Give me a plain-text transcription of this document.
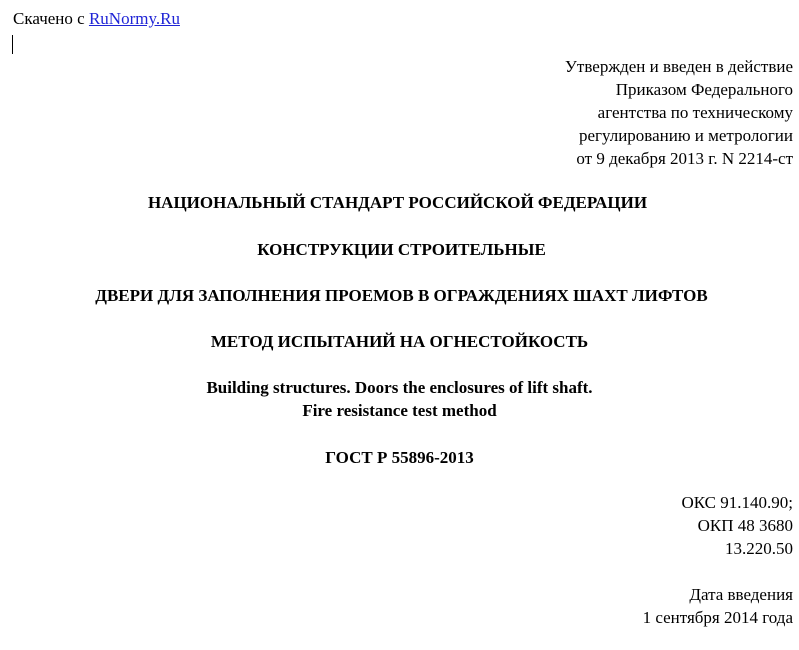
Скачено с RuNormy.Ru
Утвержден и введен в действие
Приказом Федерального
агентства по техническому
регулированию и метрологии
от 9 декабря 2013 г. N 2214-ст
НАЦИОНАЛЬНЫЙ СТАНДАРТ РОССИЙСКОЙ ФЕДЕРАЦИИ
КОНСТРУКЦИИ СТРОИТЕЛЬНЫЕ
ДВЕРИ ДЛЯ ЗАПОЛНЕНИЯ ПРОЕМОВ В ОГРАЖДЕНИЯХ ШАХТ ЛИФТОВ
МЕТОД ИСПЫТАНИЙ НА ОГНЕСТОЙКОСТЬ
Building structures. Doors the enclosures of lift shaft.
Fire resistance test method
ГОСТ Р 55896-2013
ОКС 91.140.90;
ОКП 48 3680
13.220.50
Дата введения
1 сентября 2014 года
